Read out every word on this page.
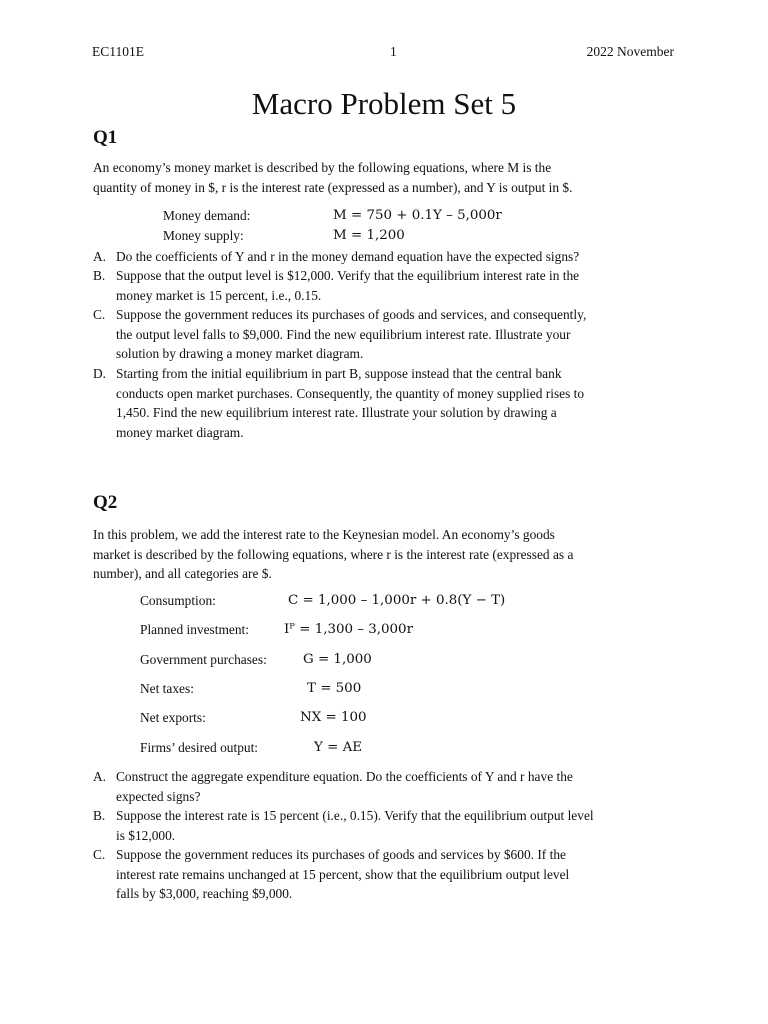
EC1101E	1	2022 November
Macro Problem Set 5
Q1
An economy’s money market is described by the following equations, where M is the
quantity of money in $, r is the interest rate (expressed as a number), and Y is output in $.
Money demand:	M = 750 + 0.1Y – 5,000r
Money supply:	M = 1,200
A. Do the coefficients of Y and r in the money demand equation have the expected signs?
B. Suppose that the output level is $12,000. Verify that the equilibrium interest rate in the
money market is 15 percent, i.e., 0.15.
C. Suppose the government reduces its purchases of goods and services, and consequently,
the output level falls to $9,000. Find the new equilibrium interest rate. Illustrate your
solution by drawing a money market diagram.
D. Starting from the initial equilibrium in part B, suppose instead that the central bank
conducts open market purchases. Consequently, the quantity of money supplied rises to
1,450. Find the new equilibrium interest rate. Illustrate your solution by drawing a
money market diagram.
Q2
In this problem, we add the interest rate to the Keynesian model. An economy’s goods
market is described by the following equations, where r is the interest rate (expressed as a
number), and all categories are $.
Consumption:	C = 1,000 – 1,000r + 0.8(Y − T)
Planned investment:	Iᴾ = 1,300 – 3,000r
Government purchases:	G = 1,000
Net taxes:	T = 500
Net exports:	NX = 100
Firms’ desired output:	Y = AE
A. Construct the aggregate expenditure equation. Do the coefficients of Y and r have the
expected signs?
B. Suppose the interest rate is 15 percent (i.e., 0.15). Verify that the equilibrium output level
is $12,000.
C. Suppose the government reduces its purchases of goods and services by $600. If the
interest rate remains unchanged at 15 percent, show that the equilibrium output level
falls by $3,000, reaching $9,000.
